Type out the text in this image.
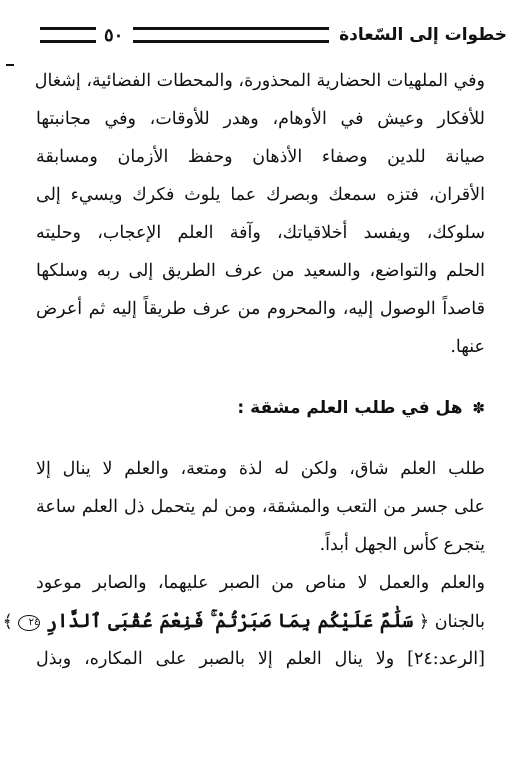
خطوات إلى السّعادة
٥٠
وفي الملهيات الحضارية المحذورة، والمحطات الفضائية، إشغال
للأفكار وعيش في الأوهام، وهدر للأوقات، وفي مجانبتها
صيانة للدين وصفاء الأذهان وحفظ الأزمان ومسابقة
الأقران، فتزه سمعك وبصرك عما يلوث فكرك ويسيء إلى
سلوكك، ويفسد أخلاقياتك، وآفة العلم الإعجاب، وحليته
الحلم والتواضع، والسعيد من عرف الطريق إلى ربه وسلكها
قاصداً الوصول إليه، والمحروم من عرف طريقاً إليه ثم أعرض
عنها.
✽ هل في طلب العلم مشقة :
طلب العلم شاق، ولكن له لذة ومتعة، والعلم لا ينال إلا
على جسر من التعب والمشقة، ومن لم يتحمل ذل العلم ساعة
يتجرع كأس الجهل أبداً.
والعلم والعمل لا مناص من الصبر عليهما، والصابر موعود
بالجنان ﴿ سَلَٰمٌ عَلَيْكُم بِمَا صَبَرْتُمْ ۚ فَنِعْمَ عُقْبَى ٱلدَّارِ ٢٤ ﴾
[الرعد:٢٤] ولا ينال العلم إلا بالصبر على المكاره، وبذل
